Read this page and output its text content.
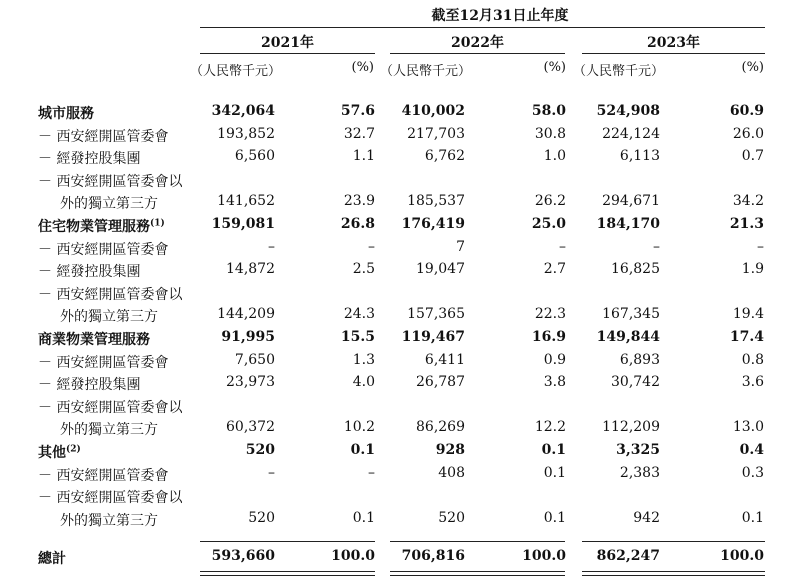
截至12月31日止年度
2021年	2022年	2023年
（人民幣千元）	(%) （人民幣千元）	(%) （人民幣千元）	(%)
城市服務	342,064	57.6	410,002	58.0	524,908	60.9
－ 西安經開區管委會	193,852	32.7	217,703	30.8	224,124	26.0
－ 經發控股集團	6,560	1.1	6,762	1.0	6,113	0.7
－ 西安經開區管委會以
外的獨立第三方	141,652	23.9	185,537	26.2	294,671	34.2
住宅物業管理服務$^{(1)}$	159,081	26.8	176,419	25.0	184,170	21.3
－ 西安經開區管委會	–	–	7	–	–	–
－ 經發控股集團	14,872	2.5	19,047	2.7	16,825	1.9
－ 西安經開區管委會以
外的獨立第三方	144,209	24.3	157,365	22.3	167,345	19.4
商業物業管理服務	91,995	15.5	119,467	16.9	149,844	17.4
－ 西安經開區管委會	7,650	1.3	6,411	0.9	6,893	0.8
－ 經發控股集團	23,973	4.0	26,787	3.8	30,742	3.6
－ 西安經開區管委會以
外的獨立第三方	60,372	10.2	86,269	12.2	112,209	13.0
其他$^{(2)}$	520	0.1	928	0.1	3,325	0.4
－ 西安經開區管委會	–	–	408	0.1	2,383	0.3
－ 西安經開區管委會以
外的獨立第三方	520	0.1	520	0.1	942	0.1
總計	593,660	100.0	706,816	100.0	862,247	100.0
